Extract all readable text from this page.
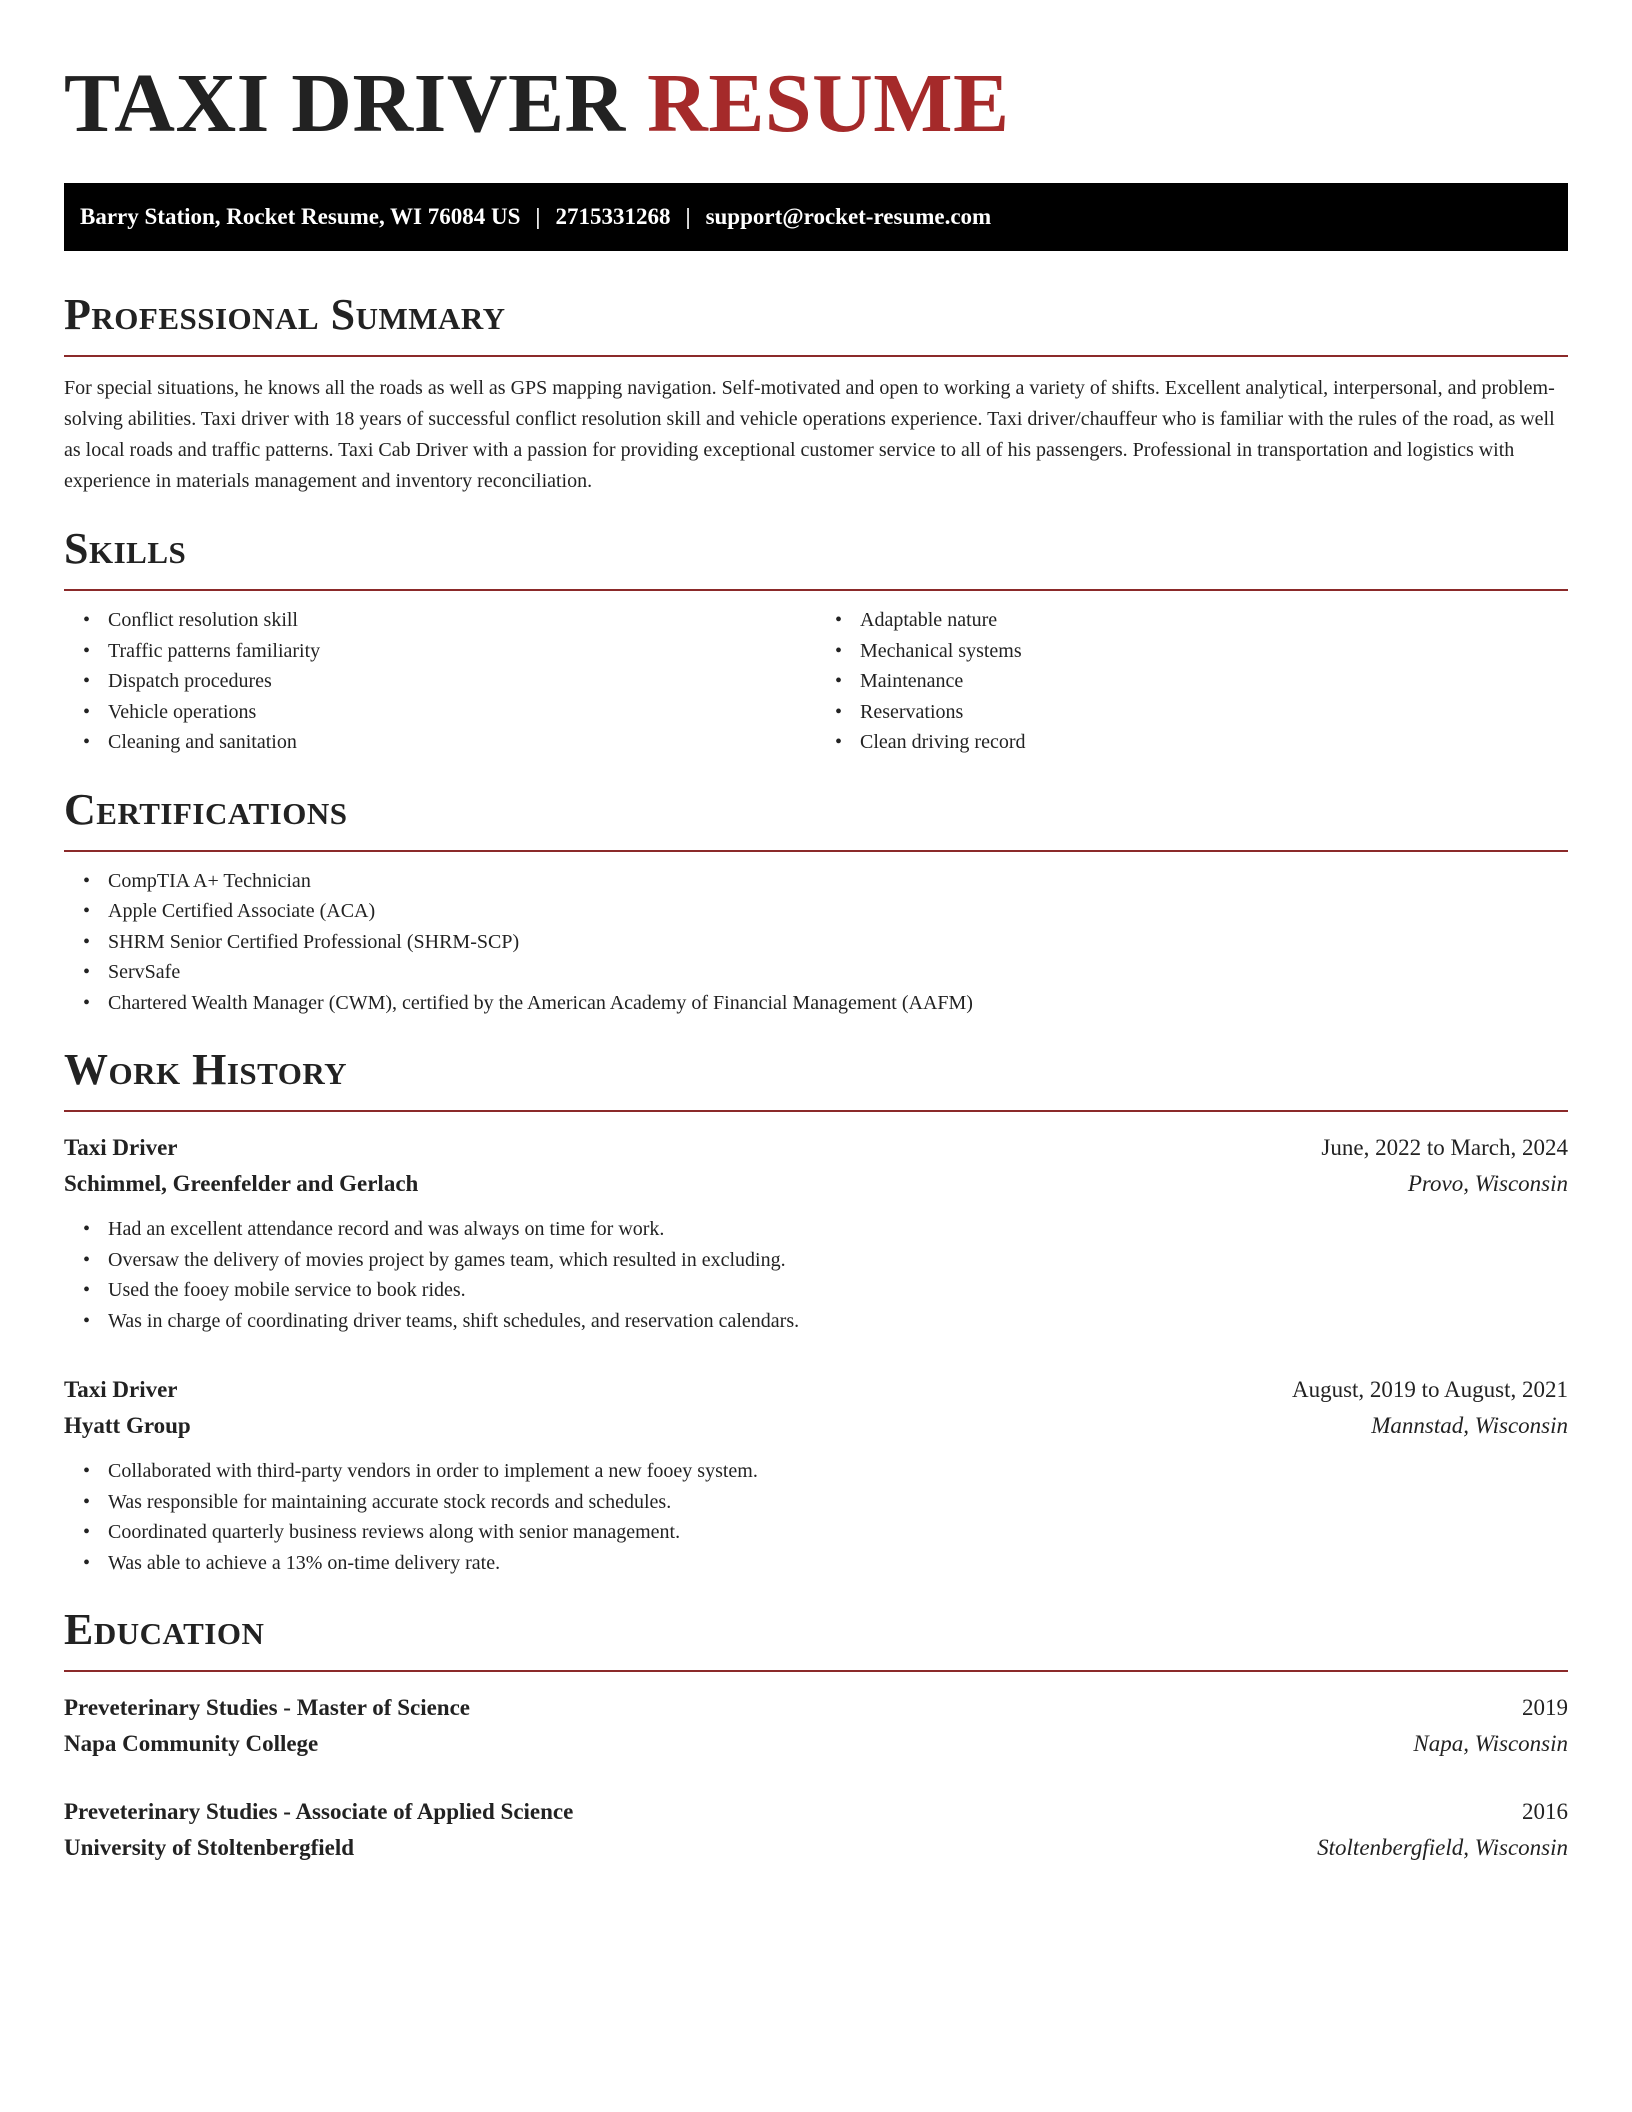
TAXI DRIVER RESUME
Barry Station, Rocket Resume, WI 76084 US | 2715331268 | support@rocket-resume.com
Professional Summary

For special situations, he knows all the roads as well as GPS mapping navigation. Self-motivated and open to working a variety of shifts. Excellent analytical, interpersonal, and problem-solving abilities. Taxi driver with 18 years of successful conflict resolution skill and vehicle operations experience. Taxi driver/chauffeur who is familiar with the rules of the road, as well as local roads and traffic patterns. Taxi Cab Driver with a passion for providing exceptional customer service to all of his passengers. Professional in transportation and logistics with experience in materials management and inventory reconciliation.

Skills
• Conflict resolution skill
• Traffic patterns familiarity
• Dispatch procedures
• Vehicle operations
• Cleaning and sanitation
• Adaptable nature
• Mechanical systems
• Maintenance
• Reservations
• Clean driving record
Certifications
• CompTIA A+ Technician
• Apple Certified Associate (ACA)
• SHRM Senior Certified Professional (SHRM-SCP)
• ServSafe
• Chartered Wealth Manager (CWM), certified by the American Academy of Financial Management (AAFM)
Work History
Taxi Driver	June, 2022 to March, 2024
Schimmel, Greenfelder and Gerlach	Provo, Wisconsin
• Had an excellent attendance record and was always on time for work.
• Oversaw the delivery of movies project by games team, which resulted in excluding.
• Used the fooey mobile service to book rides.
• Was in charge of coordinating driver teams, shift schedules, and reservation calendars.
Taxi Driver	August, 2019 to August, 2021
Hyatt Group	Mannstad, Wisconsin
• Collaborated with third-party vendors in order to implement a new fooey system.
• Was responsible for maintaining accurate stock records and schedules.
• Coordinated quarterly business reviews along with senior management.
• Was able to achieve a 13% on-time delivery rate.
Education
Preveterinary Studies - Master of Science	2019
Napa Community College	Napa, Wisconsin
Preveterinary Studies - Associate of Applied Science	2016
University of Stoltenbergfield	Stoltenbergfield, Wisconsin
